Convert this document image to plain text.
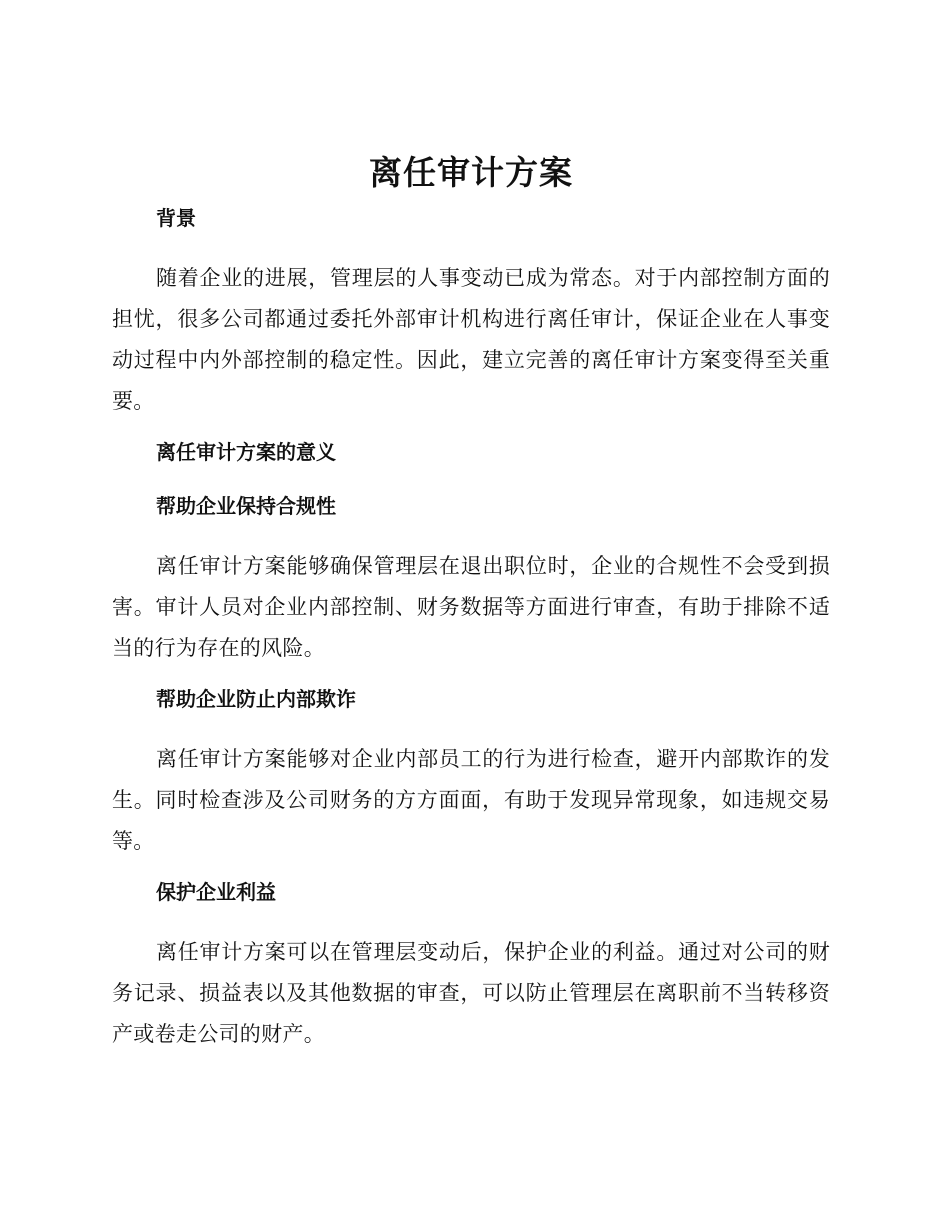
离任审计方案
背景

随着企业的进展，管理层的人事变动已成为常态。对于内部控制方面的担忧，很多公司都通过委托外部审计机构进行离任审计，保证企业在人事变动过程中内外部控制的稳定性。因此，建立完善的离任审计方案变得至关重要。

离任审计方案的意义
帮助企业保持合规性

离任审计方案能够确保管理层在退出职位时，企业的合规性不会受到损害。审计人员对企业内部控制、财务数据等方面进行审查，有助于排除不适当的行为存在的风险。

帮助企业防止内部欺诈

离任审计方案能够对企业内部员工的行为进行检查，避开内部欺诈的发生。同时检查涉及公司财务的方方面面，有助于发现异常现象，如违规交易等。

保护企业利益

离任审计方案可以在管理层变动后，保护企业的利益。通过对公司的财务记录、损益表以及其他数据的审查，可以防止管理层在离职前不当转移资产或卷走公司的财产。
